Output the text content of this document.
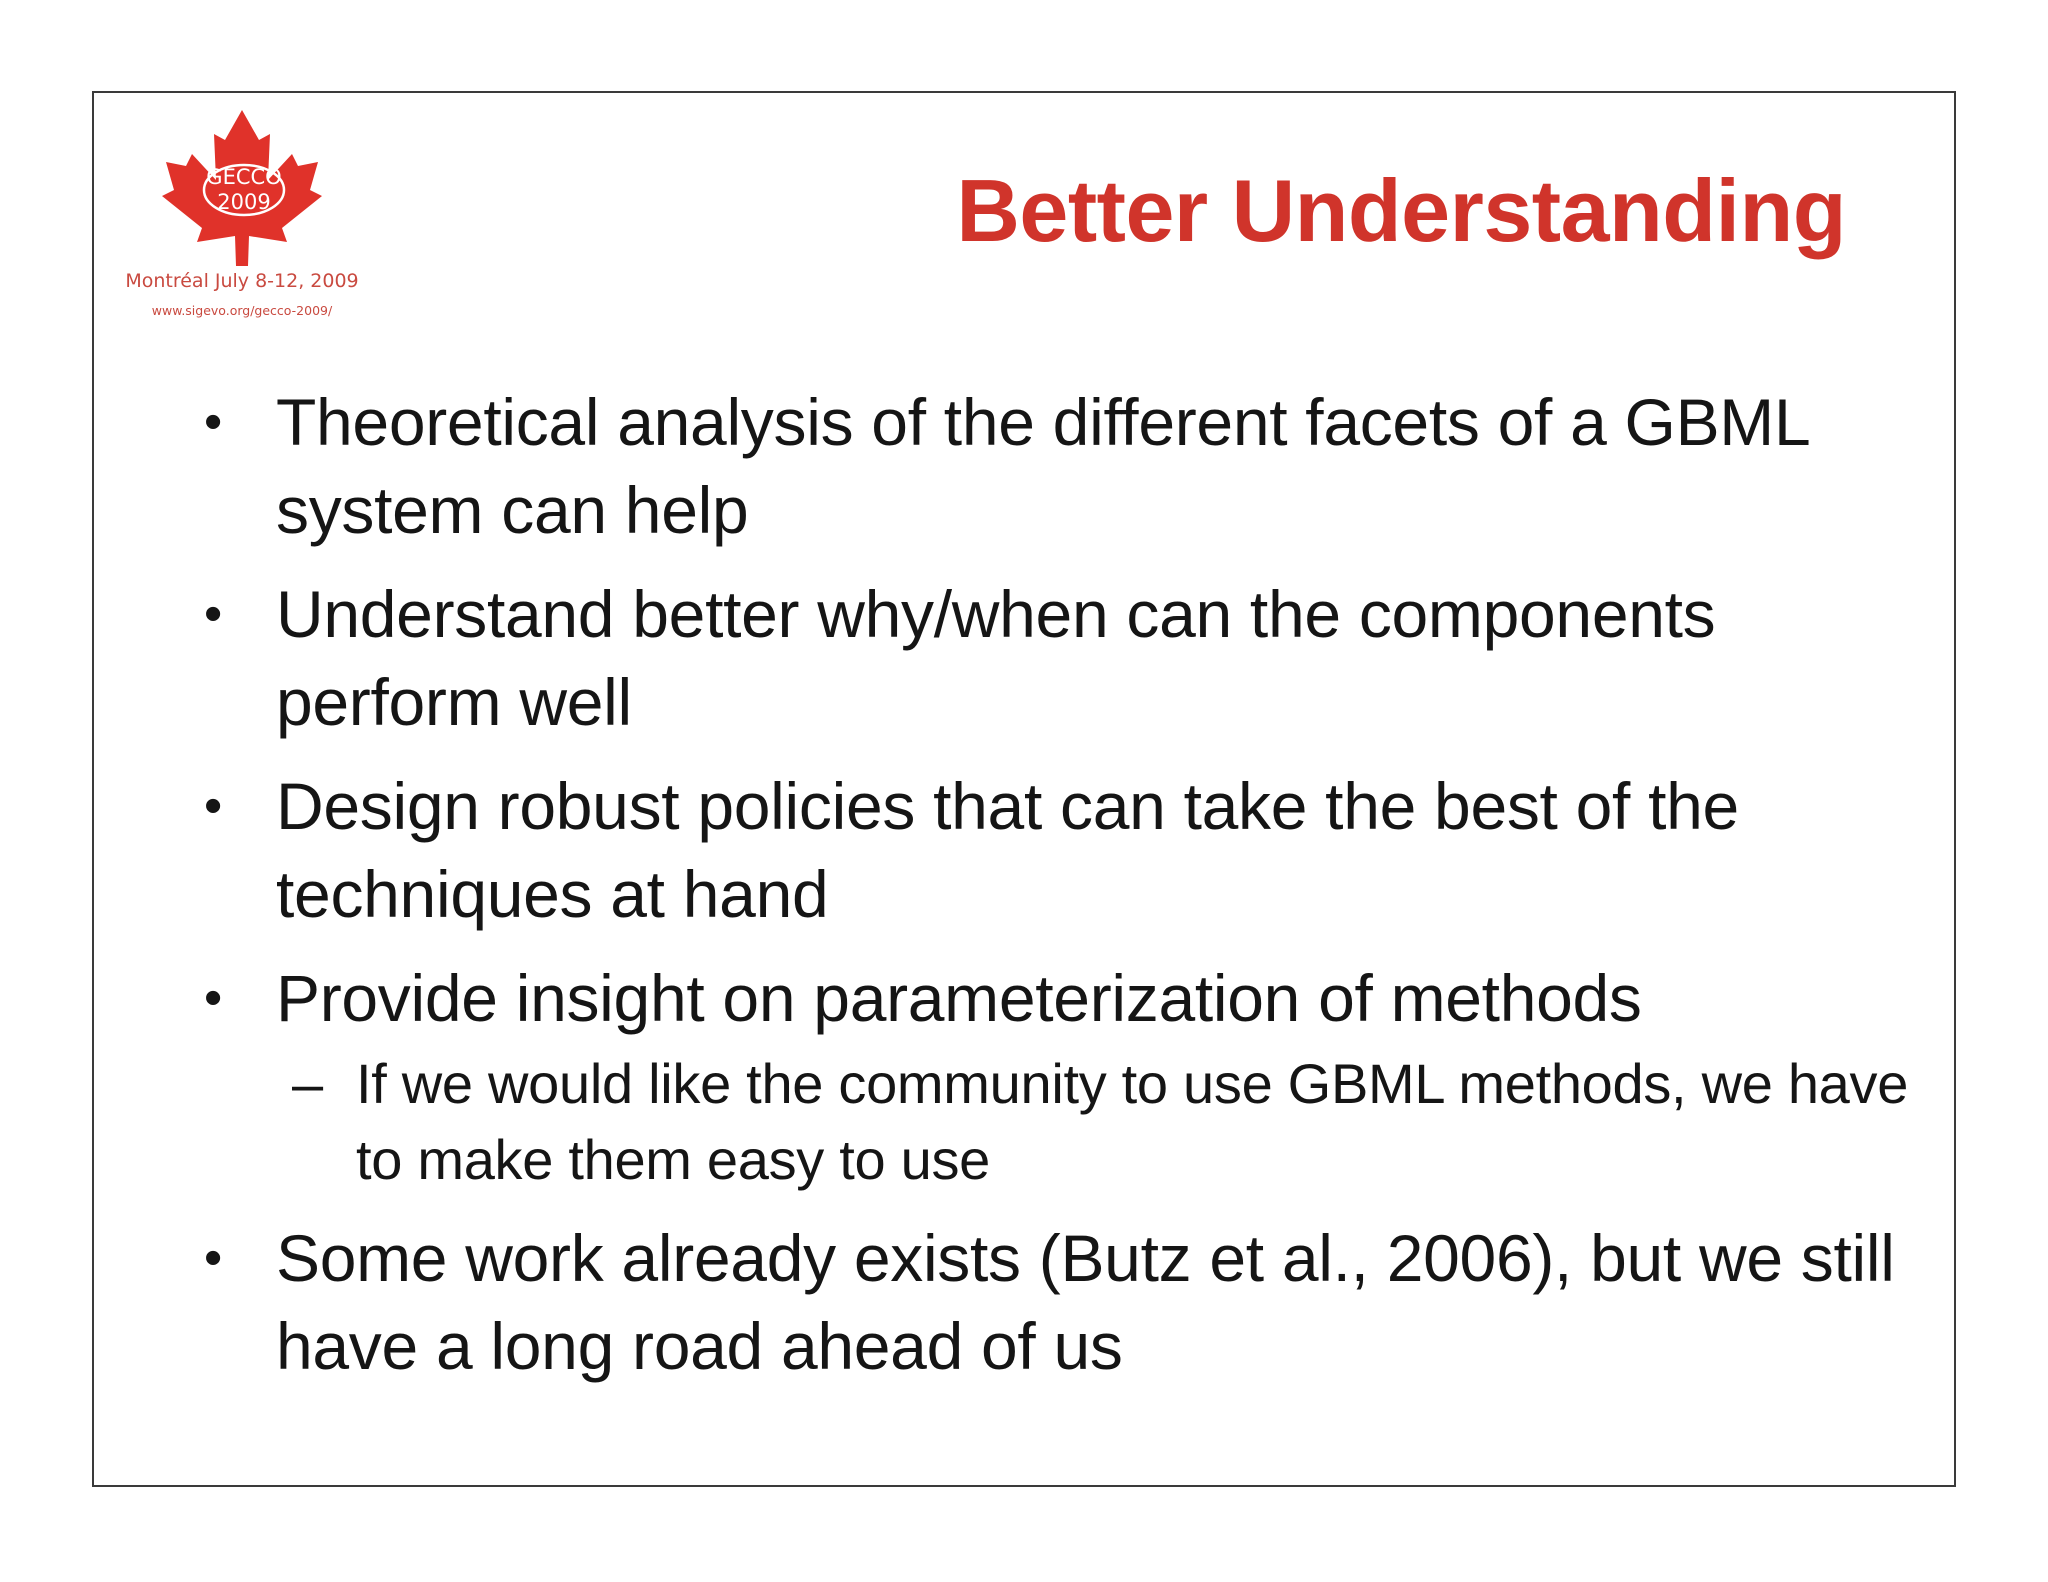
GECCO
2009
Montréal July 8-12, 2009
www.sigevo.org/gecco-2009/
Better Understanding
• Theoretical analysis of the different facets of a GBML system can help
• Understand better why/when can the components perform well
• Design robust policies that can take the best of the techniques at hand
• Provide insight on parameterization of methods
– If we would like the community to use GBML methods, we have to make them easy to use
• Some work already exists (Butz et al., 2006), but we still have a long road ahead of us
